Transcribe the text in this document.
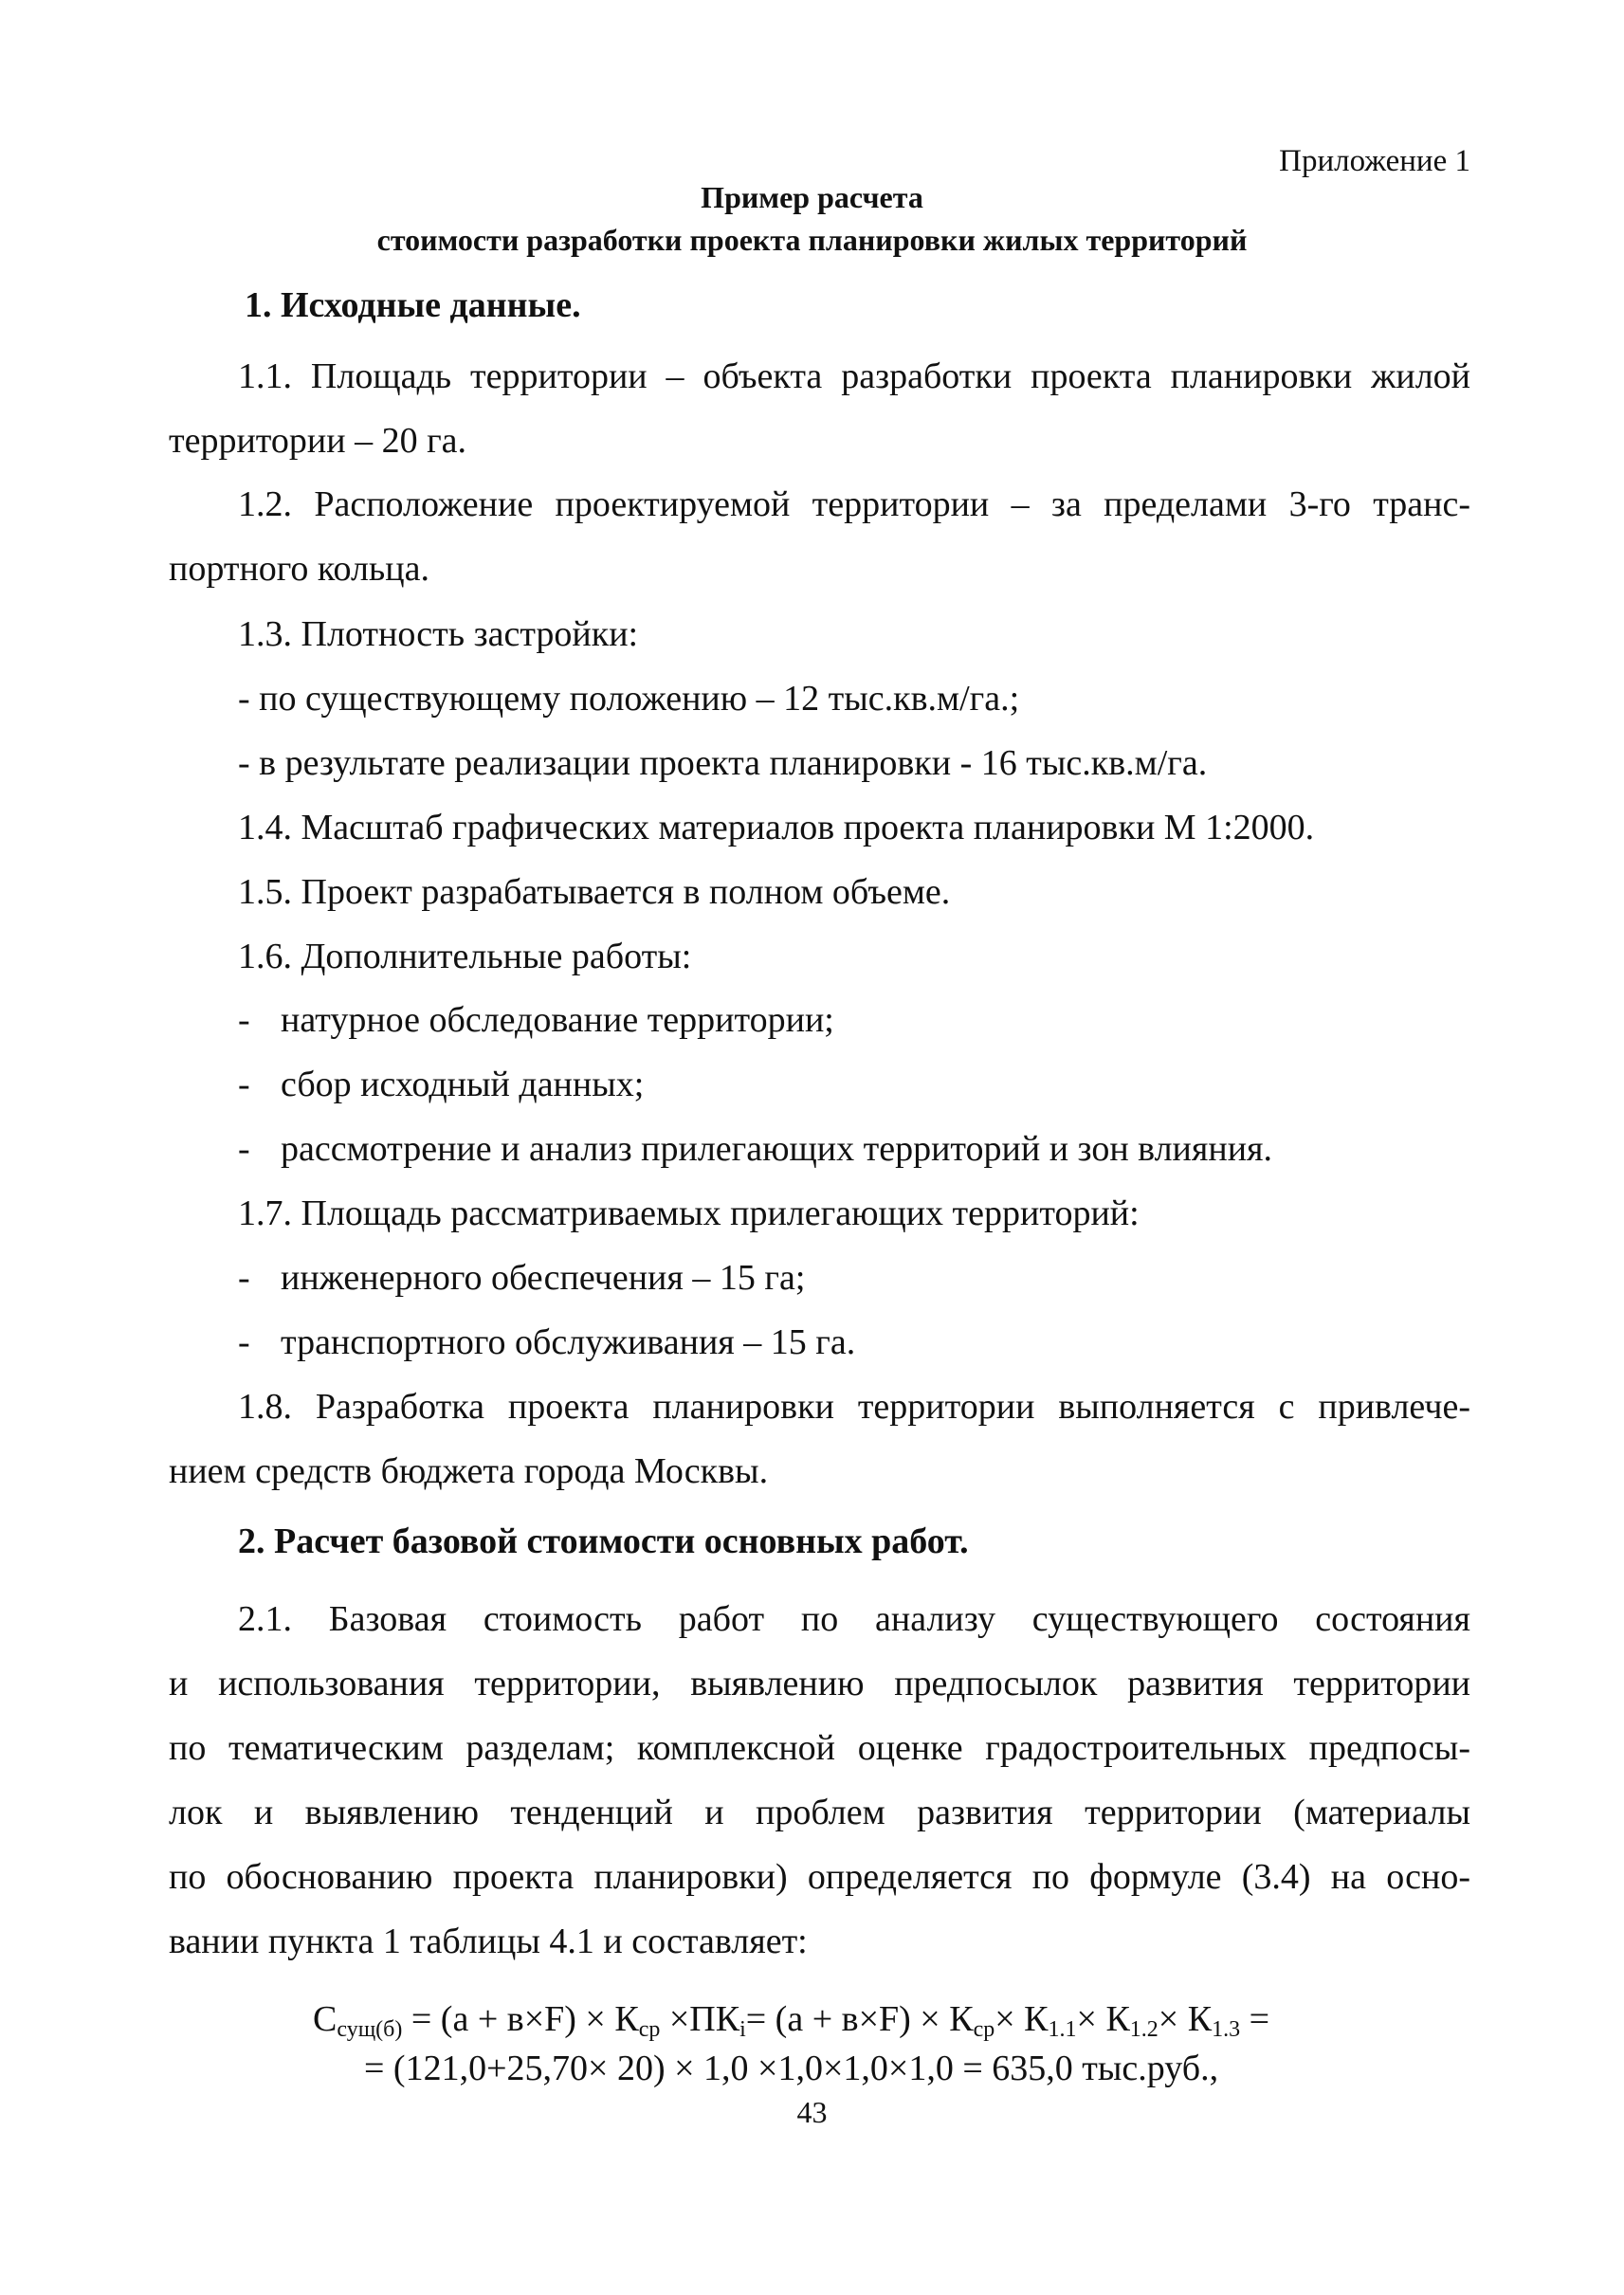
Приложение 1
Пример расчета
стоимости разработки проекта планировки жилых территорий
1. Исходные данные.
1.1. Площадь территории – объекта разработки проекта планировки жилой
территории – 20 га.
1.2. Расположение проектируемой территории – за пределами 3-го транс-
портного кольца.
1.3. Плотность застройки:
- по существующему положению – 12 тыс.кв.м/га.;
- в результате реализации проекта планировки - 16 тыс.кв.м/га.
1.4. Масштаб графических материалов проекта планировки М 1:2000.
1.5. Проект разрабатывается в полном объеме.
1.6. Дополнительные работы:
- натурное обследование территории;
- сбор исходный данных;
- рассмотрение и анализ прилегающих территорий и зон влияния.
1.7. Площадь рассматриваемых прилегающих территорий:
- инженерного обеспечения – 15 га;
- транспортного обслуживания – 15 га.
1.8. Разработка проекта планировки территории выполняется с привлече-
нием средств бюджета города Москвы.
2. Расчет базовой стоимости основных работ.
2.1. Базовая стоимость работ по анализу существующего состояния
и использования территории, выявлению предпосылок развития территории
по тематическим разделам; комплексной оценке градостроительных предпосы-
лок и выявлению тенденций и проблем развития территории (материалы
по обоснованию проекта планировки) определяется по формуле (3.4) на осно-
вании пункта 1 таблицы 4.1 и составляет:
$С_{сущ(б)} = (а + в\times F) \times К_{ср} \times ПК_i= (а + в\times F) \times К_{ср}\times К_{1.1}\times К_{1.2}\times К_{1.3}$ =
= (121,0+25,70× 20) × 1,0 ×1,0×1,0×1,0 = 635,0 тыс.руб.,
43
